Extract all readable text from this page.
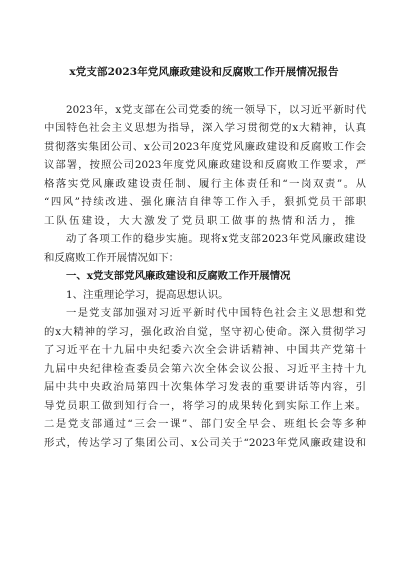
x党支部2023年党风廉政建设和反腐败工作开展情况报告
2023年，x党支部在公司党委的统一领导下，以习近平新时代
中国特色社会主义思想为指导，深入学习贯彻党的x大精神，认真
贯彻落实集团公司、x公司2023年度党风廉政建设和反腐败工作会
议部署，按照公司2023年度党风廉政建设和反腐败工作要求，严
格落实党风廉政建设责任制、履行主体责任和“一岗双责”。从
“四风”持续改进、强化廉洁自律等工作入手，狠抓党员干部职
工队伍建设，大大激发了党员职工做事的热情和活力，推
动了各项工作的稳步实施。现将x党支部2023年党风廉政建设
和反腐败工作开展情况如下：
一、x党支部党风廉政建设和反腐败工作开展情况
1、注重理论学习，提高思想认识。
一是党支部加强对习近平新时代中国特色社会主义思想和党
的x大精神的学习，强化政治自觉，坚守初心使命。深入贯彻学习
了习近平在十九届中央纪委六次全会讲话精神、中国共产党第十
九届中央纪律检查委员会第六次全体会议公报、习近平主持十九
届中共中央政治局第四十次集体学习发表的重要讲话等内容，引
导党员职工做到知行合一，将学习的成果转化到实际工作上来。
二是党支部通过“三会一课”、部门安全早会、班组长会等多种
形式，传达学习了集团公司、x公司关于“2023年党风廉政建设和
